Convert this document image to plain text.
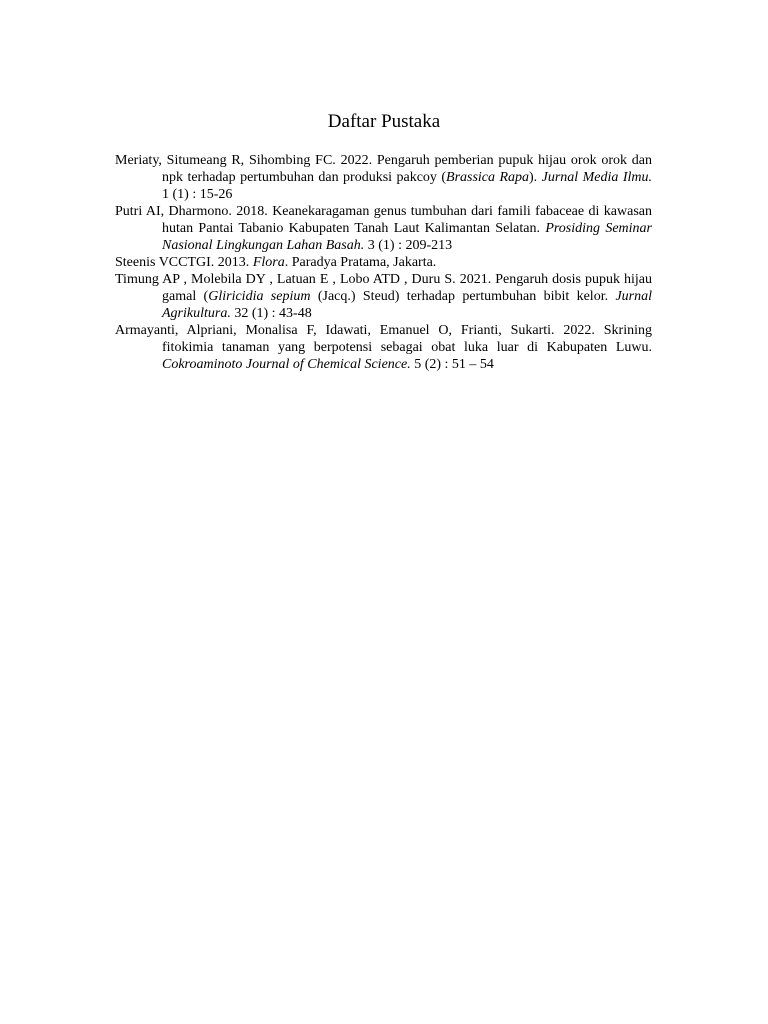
Daftar Pustaka
Meriaty, Situmeang R, Sihombing FC. 2022. Pengaruh pemberian pupuk hijau orok orok dan npk terhadap pertumbuhan dan produksi pakcoy (Brassica Rapa). Jurnal Media Ilmu. 1 (1) : 15-26
Putri AI, Dharmono. 2018. Keanekaragaman genus tumbuhan dari famili fabaceae di kawasan hutan Pantai Tabanio Kabupaten Tanah Laut Kalimantan Selatan. Prosiding Seminar Nasional Lingkungan Lahan Basah. 3 (1) : 209-213
Steenis VCCTGI. 2013. Flora. Paradya Pratama, Jakarta.
Timung AP , Molebila DY , Latuan E , Lobo ATD , Duru S. 2021. Pengaruh dosis pupuk hijau gamal (Gliricidia sepium (Jacq.) Steud) terhadap pertumbuhan bibit kelor. Jurnal Agrikultura. 32 (1) : 43-48
Armayanti, Alpriani, Monalisa F, Idawati, Emanuel O, Frianti, Sukarti. 2022. Skrining fitokimia tanaman yang berpotensi sebagai obat luka luar di Kabupaten Luwu. Cokroaminoto Journal of Chemical Science. 5 (2) : 51 – 54
